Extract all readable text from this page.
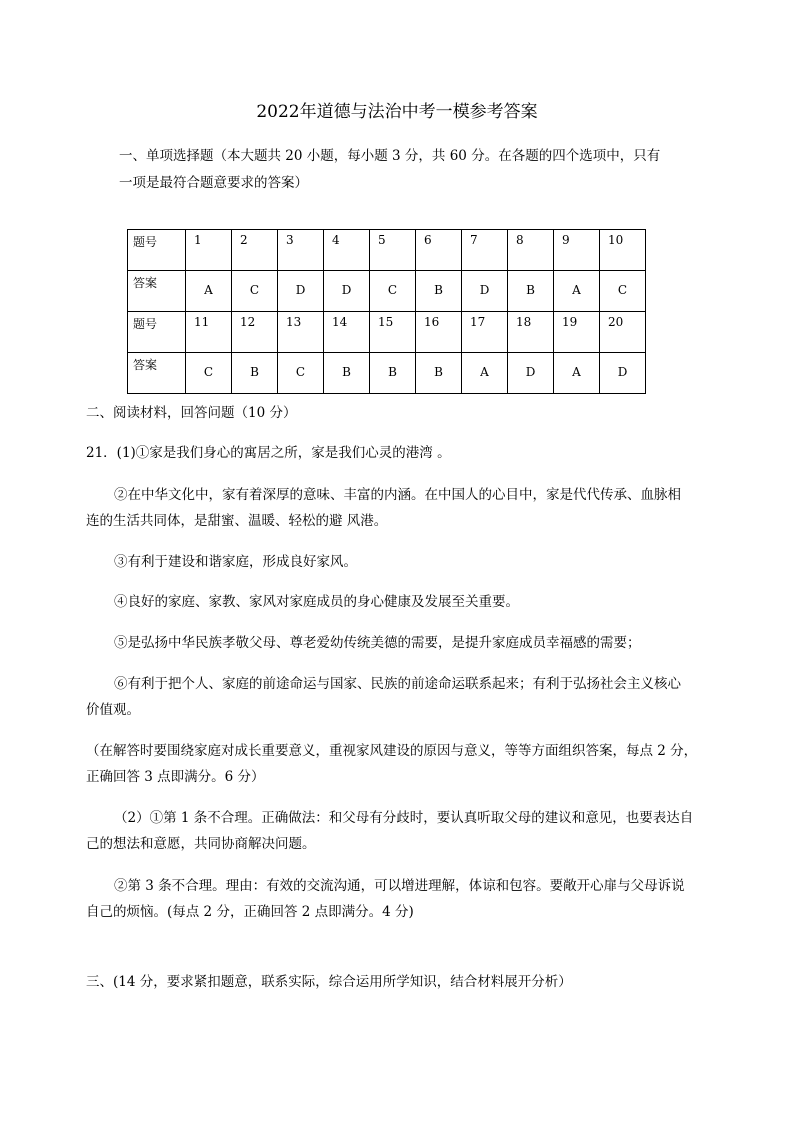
2022年道德与法治中考一模参考答案
一、单项选择题（本大题共 20 小题，每小题 3 分，共 60 分。在各题的四个选项中，只有
一项是最符合题意要求的答案）
题号	1	2	3	4	5	6	7	8	9	10
答案	A	C	D	D	C	B	D	B	A	C
题号	11	12	13	14	15	16	17	18	19	20
答案	C	B	C	B	B	B	A	D	A	D
二、阅读材料，回答问题（10 分）
21．(1)①家是我们身心的寓居之所，家是我们心灵的港湾 。
②在中华文化中，家有着深厚的意味、丰富的内涵。在中国人的心目中，家是代代传承、血脉相
连的生活共同体，是甜蜜、温暖、轻松的避 风港。
③有利于建设和谐家庭，形成良好家风。
④良好的家庭、家教、家风对家庭成员的身心健康及发展至关重要。
⑤是弘扬中华民族孝敬父母、尊老爱幼传统美德的需要，是提升家庭成员幸福感的需要；
⑥有利于把个人、家庭的前途命运与国家、民族的前途命运联系起来；有利于弘扬社会主义核心
价值观。
（在解答时要围绕家庭对成长重要意义，重视家风建设的原因与意义，等等方面组织答案，每点 2 分，
正确回答 3 点即满分。6 分）
（2）①第 1 条不合理。正确做法：和父母有分歧时，要认真听取父母的建议和意见，也要表达自
己的想法和意愿，共同协商解决问题。
②第 3 条不合理。理由：有效的交流沟通，可以增进理解，体谅和包容。要敞开心扉与父母诉说
自己的烦恼。(每点 2 分，正确回答 2 点即满分。4 分)
三、(14 分，要求紧扣题意，联系实际，综合运用所学知识，结合材料展开分析）
